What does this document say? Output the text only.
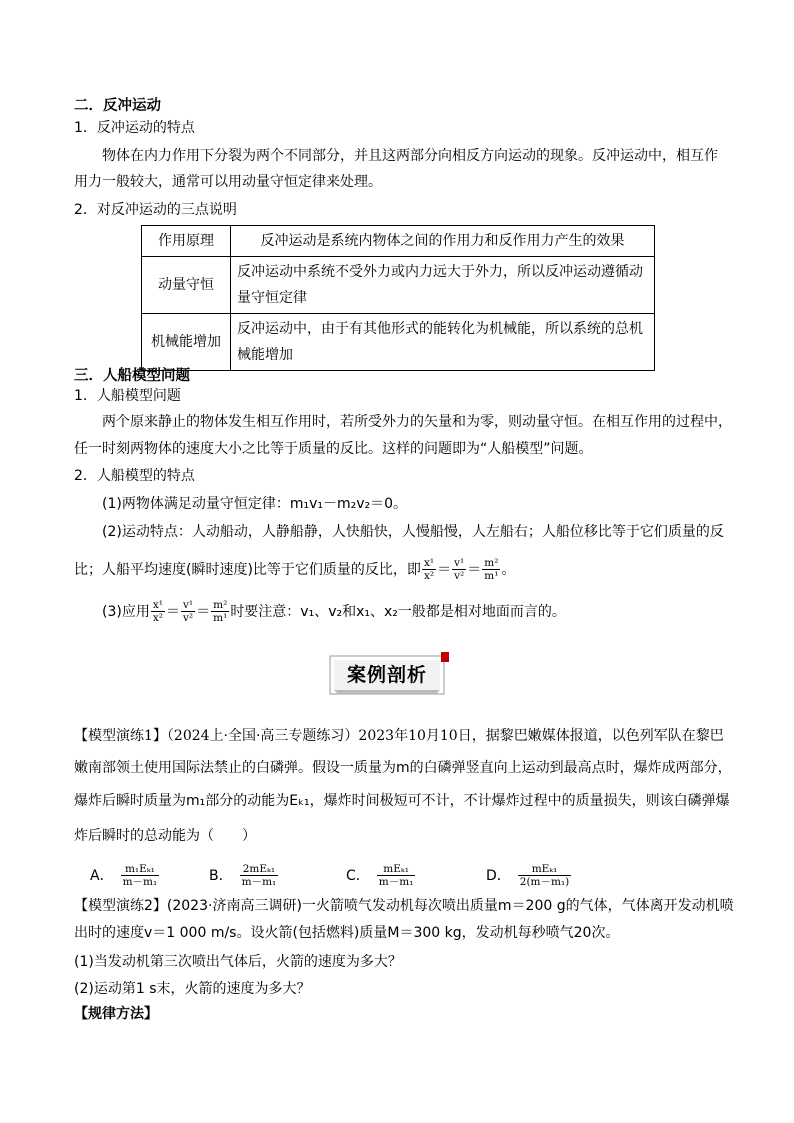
二．反冲运动
1．反冲运动的特点
物体在内力作用下分裂为两个不同部分，并且这两部分向相反方向运动的现象。反冲运动中，相互作
用力一般较大，通常可以用动量守恒定律来处理。
2．对反冲运动的三点说明
作用原理	反冲运动是系统内物体之间的作用力和反作用力产生的效果
动量守恒	反冲运动中系统不受外力或内力远大于外力，所以反冲运动遵循动
量守恒定律

机械能增加	反冲运动中，由于有其他形式的能转化为机械能，所以系统的总机
械能增加
三．人船模型问题
1．人船模型问题
两个原来静止的物体发生相互作用时，若所受外力的矢量和为零，则动量守恒。在相互作用的过程中，
任一时刻两物体的速度大小之比等于质量的反比。这样的问题即为“人船模型”问题。
2．人船模型的特点
(1)两物体满足动量守恒定律：m₁v₁－m₂v₂＝0。
(2)运动特点：人动船动，人静船静，人快船快，人慢船慢，人左船右；人船位移比等于它们质量的反
比；人船平均速度(瞬时速度)比等于它们质量的反比，即 $\frac{\text{x¹}}{\text{x²}} = \frac{\text{v¹}}{\text{v²}} = \frac{\text{m²}}{\text{m¹}}$ 。
(3)应用 $\frac{\text{x¹}}{\text{x²}} = \frac{\text{v¹}}{\text{v²}} = \frac{\text{m²}}{\text{m¹}}$ 时要注意：v₁、v₂和x₁、x₂一般都是相对地面而言的。
案例剖析
【模型演练1】（2024上·全国·高三专题练习）2023年10月10日，据黎巴嫩媒体报道，以色列军队在黎巴
嫩南部领土使用国际法禁止的白磷弹。假设一质量为m的白磷弹竖直向上运动到最高点时，爆炸成两部分，
爆炸后瞬时质量为m₁部分的动能为Eₖ₁，爆炸时间极短可不计，不计爆炸过程中的质量损失，则该白磷弹爆
炸后瞬时的总动能为（　　）
A． $\frac{\text{m₁Eₖ₁}}{\text{m－m₁}}$	B． $\frac{\text{2mEₖ₁}}{\text{m－m₁}}$	C． $\frac{\text{mEₖ₁}}{\text{m－m₁}}$	D． $\frac{\text{mEₖ₁}}{\text{2(m－m₁)}}$
【模型演练2】(2023·济南高三调研)一火箭喷气发动机每次喷出质量m＝200 g的气体，气体离开发动机喷
出时的速度v＝1 000 m/s。设火箭(包括燃料)质量M＝300 kg，发动机每秒喷气20次。
(1)当发动机第三次喷出气体后，火箭的速度为多大？
(2)运动第1 s末，火箭的速度为多大？
【规律方法】
